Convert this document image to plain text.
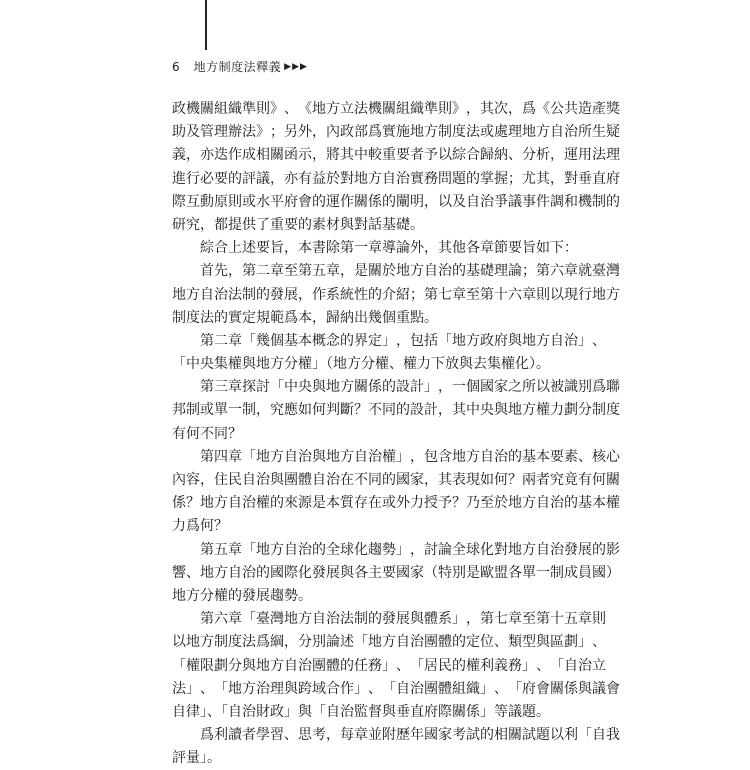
6 地方制度法釋義 ▶▶▶
政 機 關 組 織 準 則 》 、 《 地 方 立 法 機 關 組 織 準 則 》 ， 其 次 ， 爲 《 公 共 造 產 獎
助 及 管 理 辦 法 》 ； 另 外 ， 內 政 部 爲 實 施 地 方 制 度 法 或 處 理 地 方 自 治 所 生 疑
義 ， 亦 迭 作 成 相 關 函 示 ， 將 其 中 較 重 要 者 予 以 綜 合 歸 納 、 分 析 ， 運 用 法 理
進 行 必 要 的 評 議 ， 亦 有 益 於 對 地 方 自 治 實 務 問 題 的 掌 握 ； 尤 其 ， 對 垂 直 府
際 互 動 原 則 或 水 平 府 會 的 運 作 關 係 的 闡 明 ， 以 及 自 治 爭 議 事 件 調 和 機 制 的
研究，都提供了重要的素材與對話基礎。
綜合上述要旨，本書除第一章導論外，其他各章節要旨如下：
首 先 ， 第 二 章 至 第 五 章 ， 是 關 於 地 方 自 治 的 基 礎 理 論 ； 第 六 章 就 臺 灣
地 方 自 治 法 制 的 發 展 ， 作 系 統 性 的 介 紹 ； 第 七 章 至 第 十 六 章 則 以 現 行 地 方
制度法的實定規範爲本，歸納出幾個重點。
第 二 章 「 幾 個 基 本 概 念 的 界 定 」 ， 包 括 「 地 方 政 府 與 地 方 自 治 」 、
「中央集權與地方分權」（地方分權、權力下放與去集權化）。
第 三 章 探 討 「 中 央 與 地 方 關 係 的 設 計 」 ， 一 個 國 家 之 所 以 被 識 別 爲 聯
邦 制 或 單 一 制 ， 究 應 如 何 判 斷 ？ 不 同 的 設 計 ， 其 中 央 與 地 方 權 力 劃 分 制 度
有何不同？
第 四 章 「 地 方 自 治 與 地 方 自 治 權 」 ， 包 含 地 方 自 治 的 基 本 要 素 、 核 心
內 容 ， 住 民 自 治 與 團 體 自 治 在 不 同 的 國 家 ， 其 表 現 如 何 ？ 兩 者 究 竟 有 何 關
係 ？ 地 方 自 治 權 的 來 源 是 本 質 存 在 或 外 力 授 予 ？ 乃 至 於 地 方 自 治 的 基 本 權
力爲何？
第 五 章 「 地 方 自 治 的 全 球 化 趨 勢 」 ， 討 論 全 球 化 對 地 方 自 治 發 展 的 影
響 、 地 方 自 治 的 國 際 化 發 展 與 各 主 要 國 家 （ 特 別 是 歐 盟 各 單 一 制 成 員 國 ）
地方分權的發展趨勢。
第 六 章 「 臺 灣 地 方 自 治 法 制 的 發 展 與 體 系 」 ， 第 七 章 至 第 十 五 章 則
以 地 方 制 度 法 爲 綱 ， 分 別 論 述 「 地 方 自 治 團 體 的 定 位 、 類 型 與 區 劃 」 、
「 權 限 劃 分 與 地 方 自 治 團 體 的 任 務 」 、 「 居 民 的 權 利 義 務 」 、 「 自 治 立
法 」 、 「 地 方 治 理 與 跨 域 合 作 」 、 「 自 治 團 體 組 織 」 、 「 府 會 關 係 與 議 會
自律」、「自治財政」與「自治監督與垂直府際關係」等議題。
爲 利 讀 者 學 習 、 思 考 ， 每 章 並 附 歷 年 國 家 考 試 的 相 關 試 題 以 利 「 自 我
評量」。
